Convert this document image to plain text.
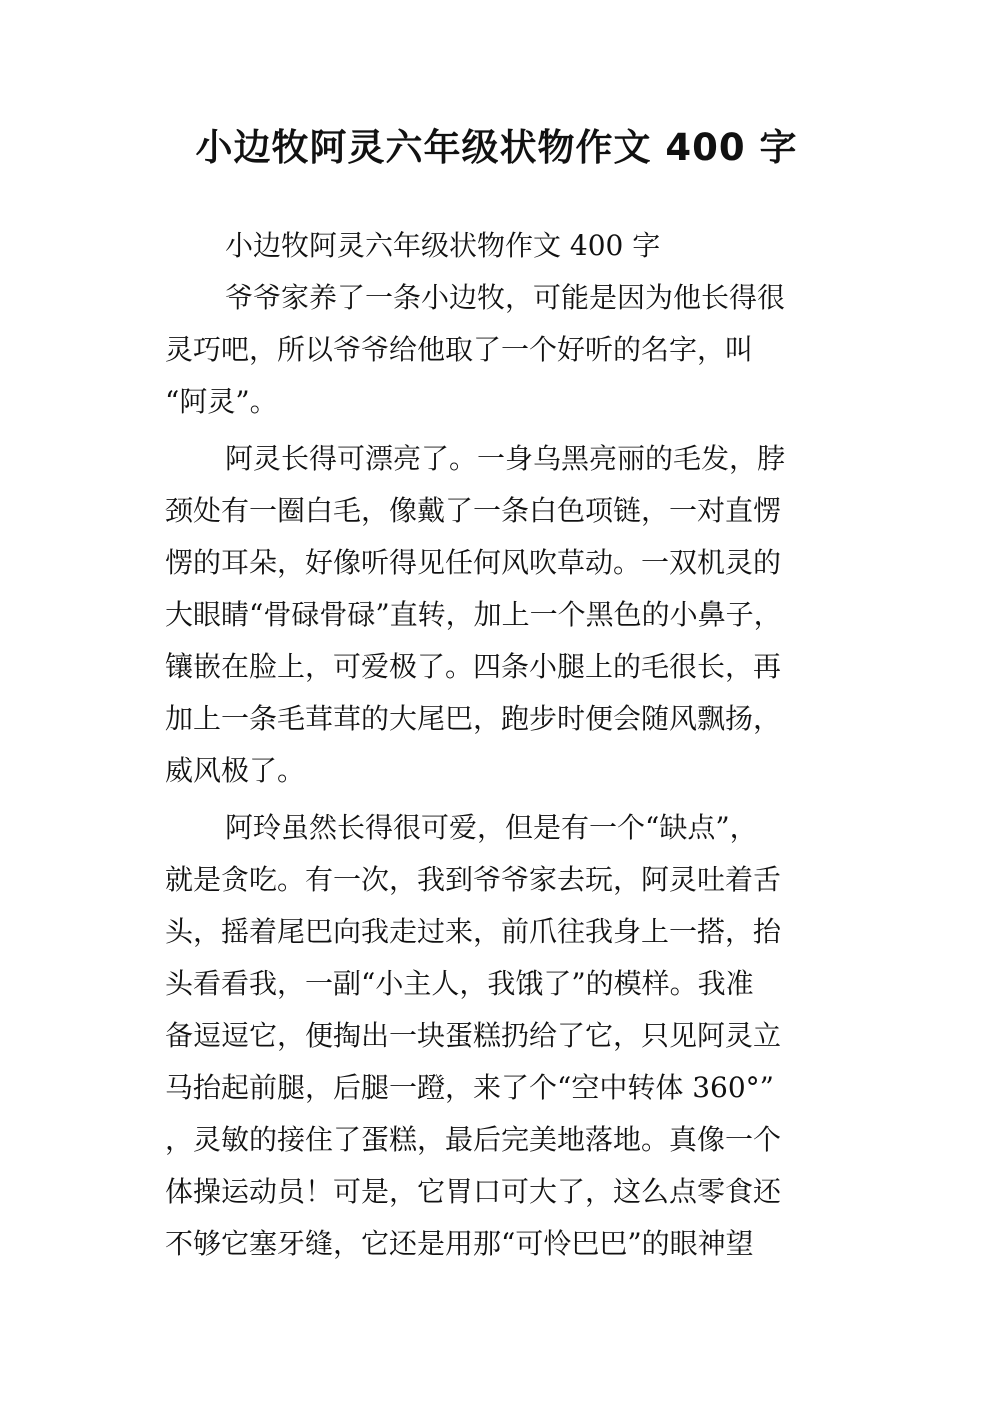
小边牧阿灵六年级状物作文 400 字
小边牧阿灵六年级状物作文 400 字
爷爷家养了一条小边牧，可能是因为他长得很
灵巧吧，所以爷爷给他取了一个好听的名字，叫
“阿灵”。
阿灵长得可漂亮了。一身乌黑亮丽的毛发，脖
颈处有一圈白毛，像戴了一条白色项链，一对直愣
愣的耳朵，好像听得见任何风吹草动。一双机灵的
大眼睛“骨碌骨碌”直转，加上一个黑色的小鼻子，
镶嵌在脸上，可爱极了。四条小腿上的毛很长，再
加上一条毛茸茸的大尾巴，跑步时便会随风飘扬，
威风极了。
阿玲虽然长得很可爱，但是有一个“缺点”，
就是贪吃。有一次，我到爷爷家去玩，阿灵吐着舌
头，摇着尾巴向我走过来，前爪往我身上一搭，抬
头看看我，一副“小主人，我饿了”的模样。我准
备逗逗它，便掏出一块蛋糕扔给了它，只见阿灵立
马抬起前腿，后腿一蹬，来了个“空中转体 360°”
，灵敏的接住了蛋糕，最后完美地落地。真像一个
体操运动员！可是，它胃口可大了，这么点零食还
不够它塞牙缝，它还是用那“可怜巴巴”的眼神望
